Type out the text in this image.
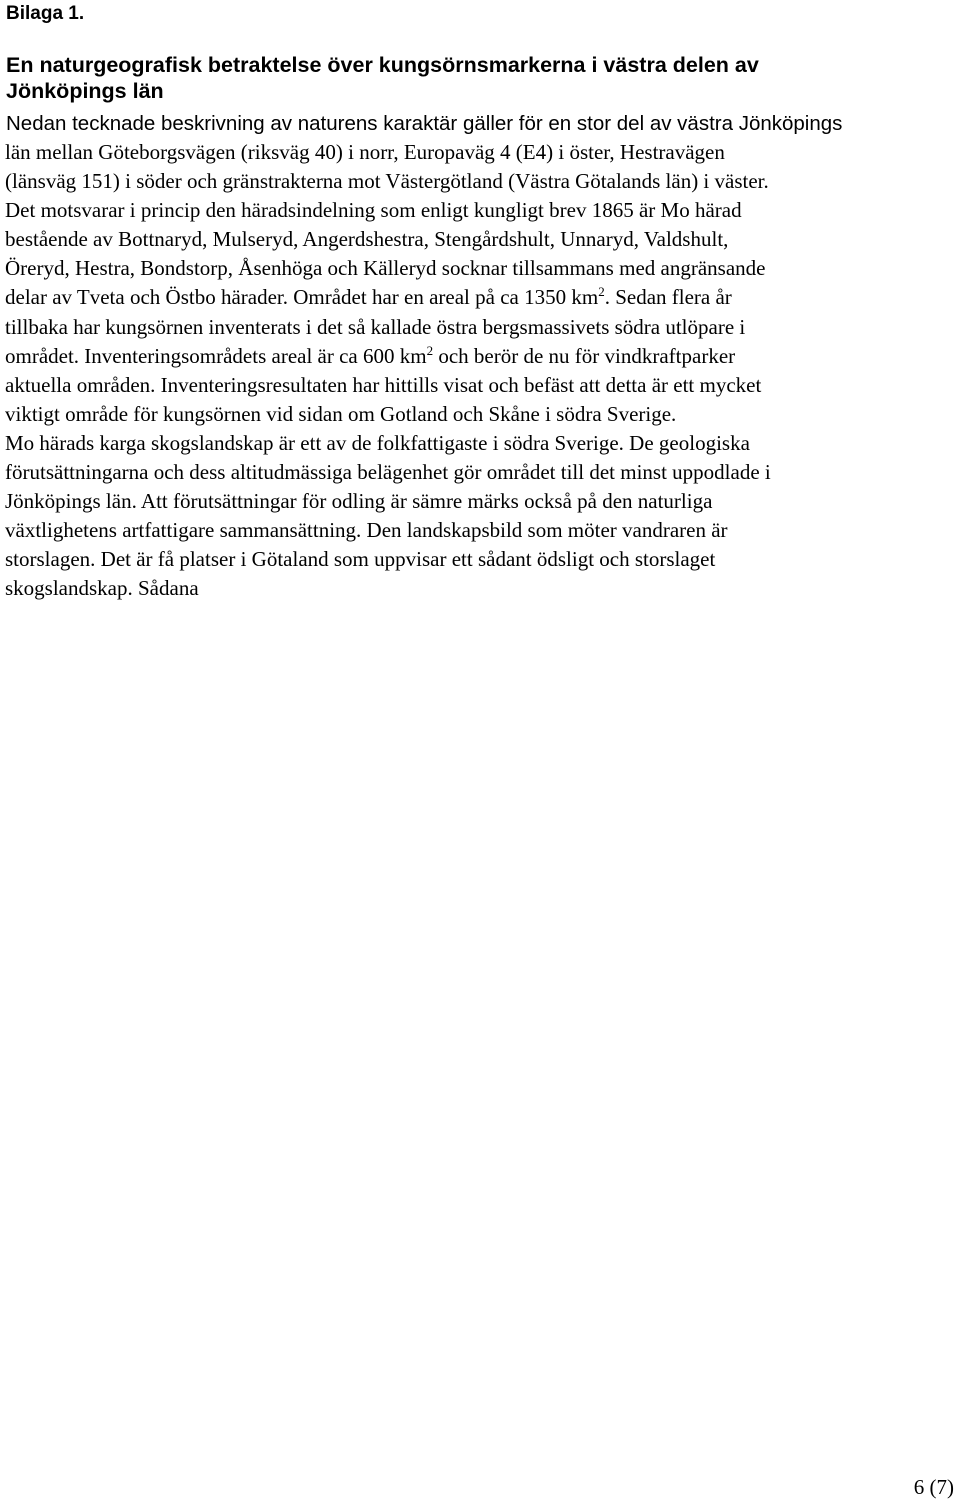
Bilaga 1.
En naturgeografisk betraktelse över kungsörnsmarkerna i västra delen av
Jönköpings län
Nedan tecknade beskrivning av naturens karaktär gäller för en stor del av västra Jönköpings
län mellan Göteborgsvägen (riksväg 40) i norr, Europaväg 4 (E4) i öster, Hestravägen
(länsväg 151) i söder och gränstrakterna mot Västergötland (Västra Götalands län) i väster.
Det motsvarar i princip den häradsindelning som enligt kungligt brev 1865 är Mo härad
bestående av Bottnaryd, Mulseryd, Angerdshestra, Stengårdshult, Unnaryd, Valdshult,
Öreryd, Hestra, Bondstorp, Åsenhöga och Källeryd socknar tillsammans med angränsande
delar av Tveta och Östbo härader. Området har en areal på ca 1350 $km^2$. Sedan flera år
tillbaka har kungsörnen inventerats i det så kallade östra bergsmassivets södra utlöpare i
området. Inventeringsområdets areal är ca 600 $km^2$ och berör de nu för vindkraftparker
aktuella områden. Inventeringsresultaten har hittills visat och befäst att detta är ett mycket
viktigt område för kungsörnen vid sidan om Gotland och Skåne i södra Sverige.
Mo härads karga skogslandskap är ett av de folkfattigaste i södra Sverige. De geologiska
förutsättningarna och dess altitudmässiga belägenhet gör området till det minst uppodlade i
Jönköpings län. Att förutsättningar för odling är sämre märks också på den naturliga
växtlighetens artfattigare sammansättning. Den landskapsbild som möter vandraren är
storslagen. Det är få platser i Götaland som uppvisar ett sådant ödsligt och storslaget
skogslandskap. Sådana
6 (7)
